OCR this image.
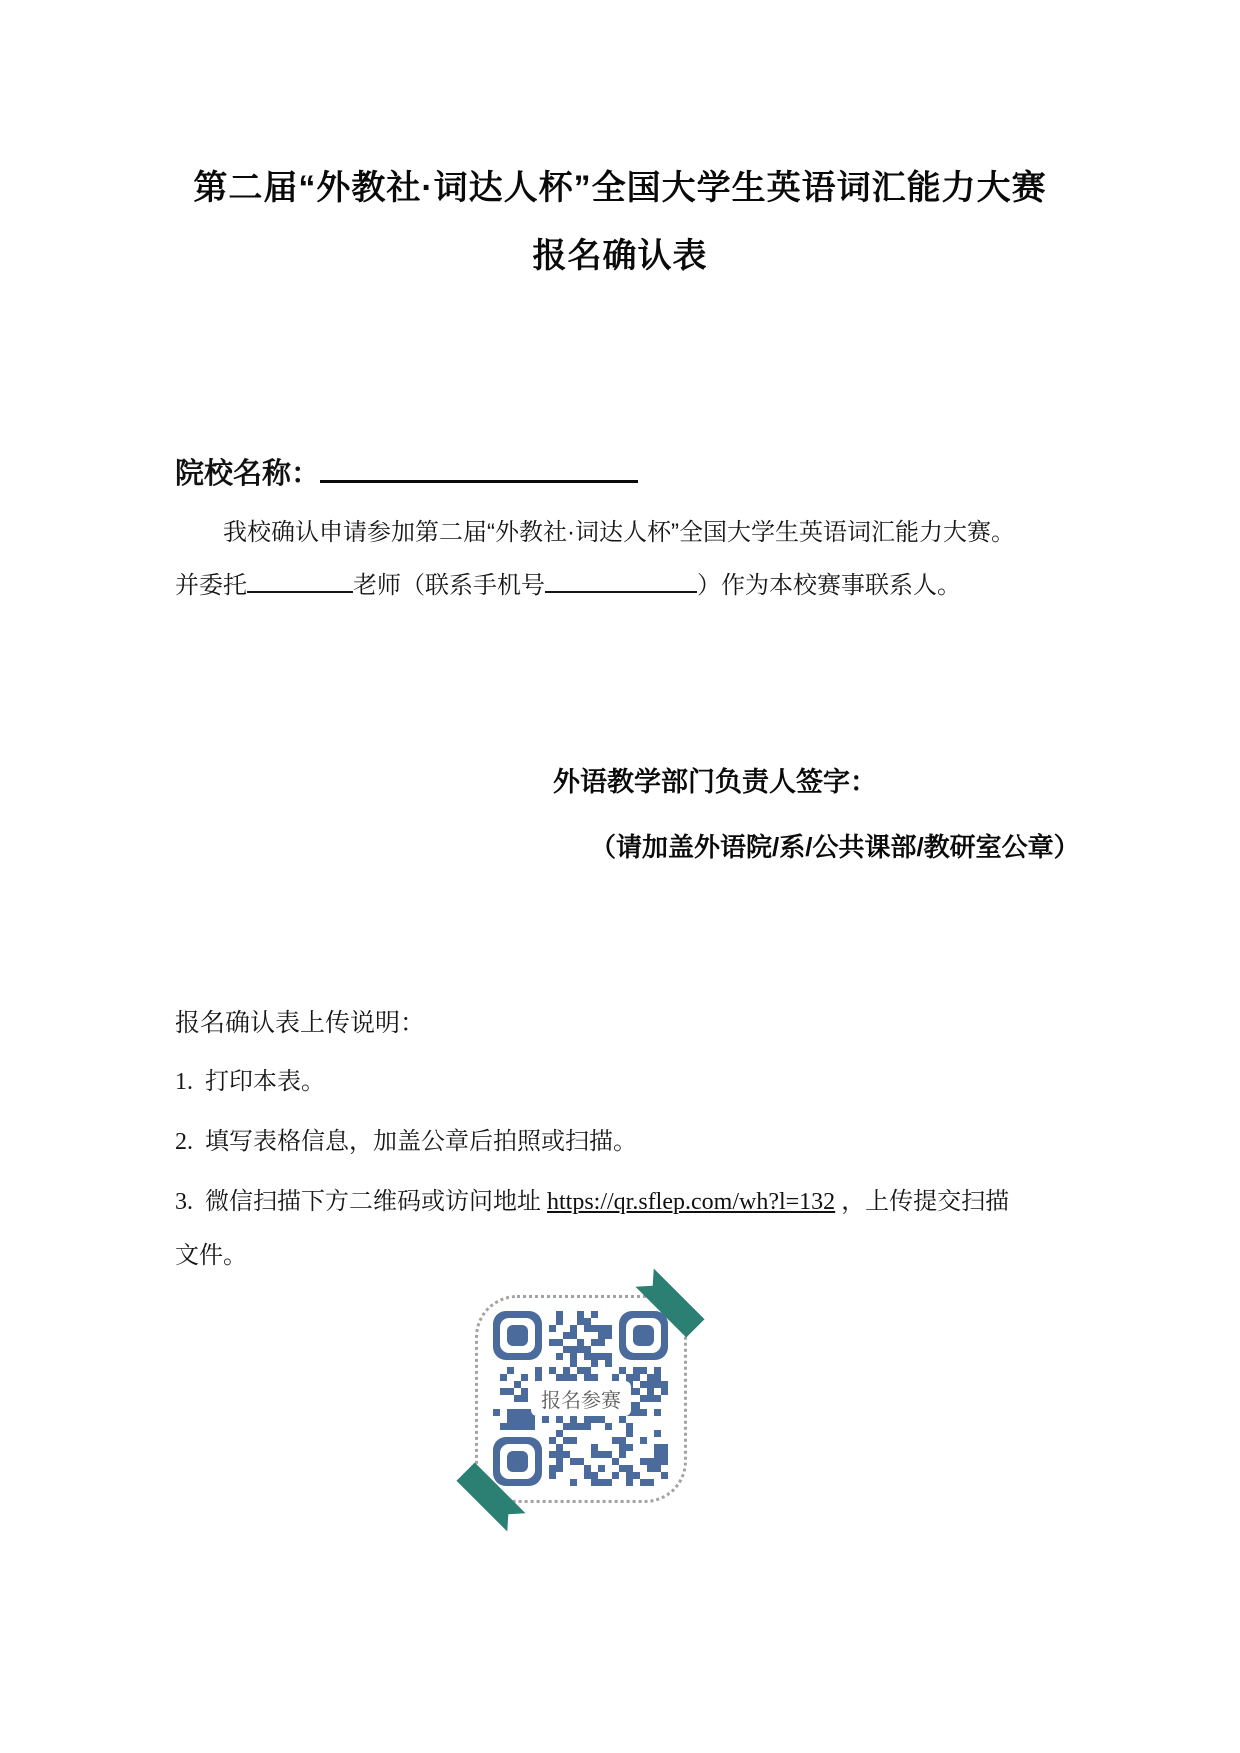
第二届“外教社·词达人杯”全国大学生英语词汇能力大赛
报名确认表
院校名称：
我校确认申请参加第二届“外教社·词达人杯”全国大学生英语词汇能力大赛。
并委托	老师（联系手机号	）作为本校赛事联系人。
外语教学部门负责人签字：
（请加盖外语院/系/公共课部/教研室公章）
报名确认表上传说明：
1. 打印本表。
2. 填写表格信息，加盖公章后拍照或扫描。
3. 微信扫描下方二维码或访问地址 https://qr.sflep.com/wh?l=132 ，上传提交扫描
文件。
报名参赛
